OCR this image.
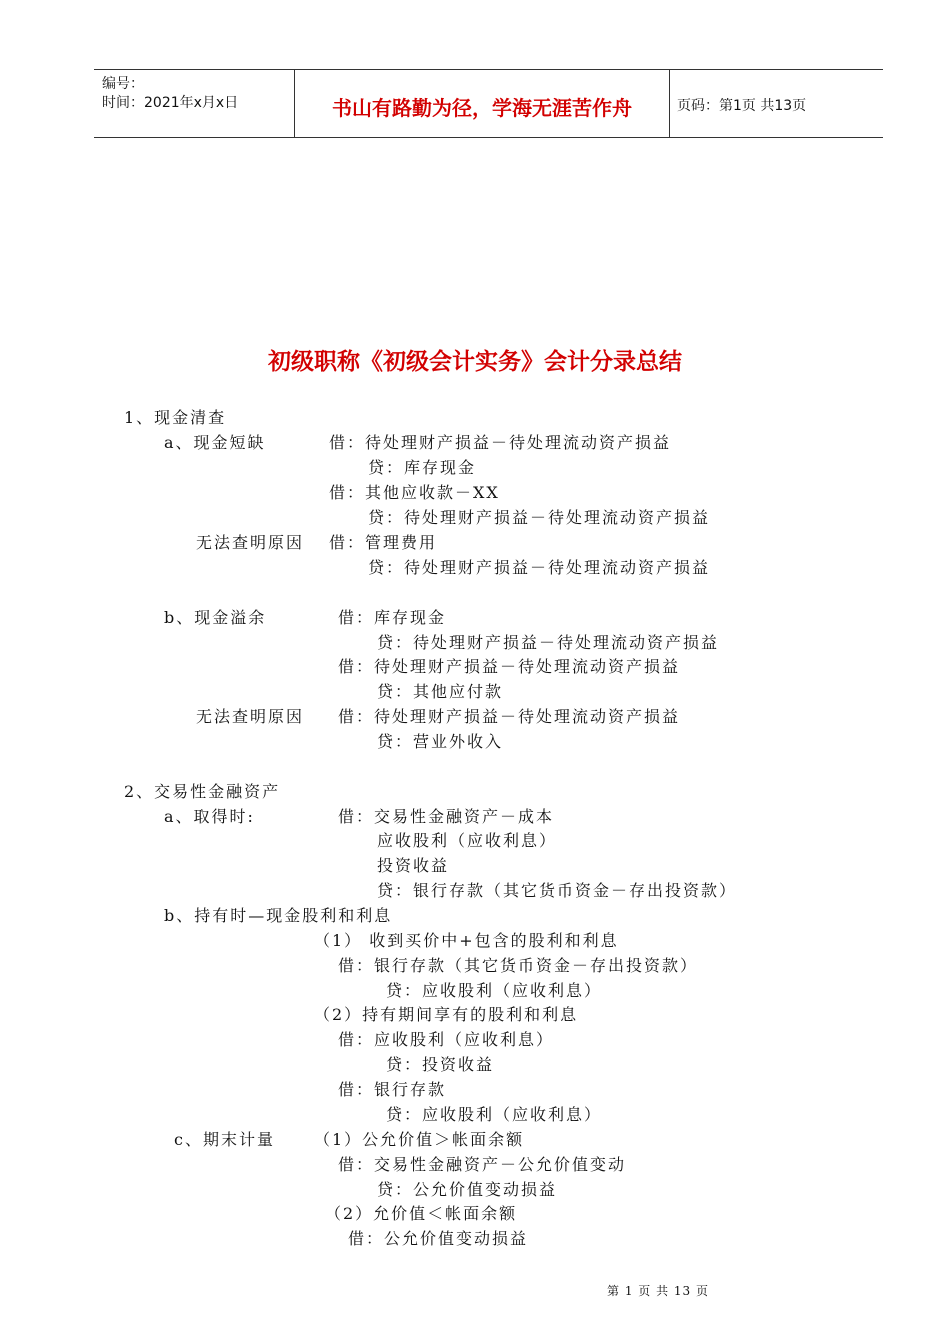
编号：
时间：2021年x月x日	书山有路勤为径，学海无涯苦作舟	页码：第1页 共13页
初级职称《初级会计实务》会计分录总结
1、现金清查
a、现金短缺	借：待处理财产损益－待处理流动资产损益
贷：库存现金
借：其他应收款－XX
贷：待处理财产损益－待处理流动资产损益
无法查明原因 借：管理费用
贷：待处理财产损益－待处理流动资产损益
b、现金溢余	借：库存现金
贷：待处理财产损益－待处理流动资产损益
借：待处理财产损益－待处理流动资产损益
贷：其他应付款
无法查明原因 借：待处理财产损益－待处理流动资产损益
贷：营业外收入
2、交易性金融资产
a、取得时:	借：交易性金融资产－成本
应收股利（应收利息）
投资收益
贷：银行存款（其它货币资金－存出投资款）
b、持有时—现金股利和利息
（1） 收到买价中+包含的股利和利息
借：银行存款（其它货币资金－存出投资款）
贷：应收股利（应收利息）
（2）持有期间享有的股利和利息
借：应收股利（应收利息）
贷：投资收益
借：银行存款
贷：应收股利（应收利息）
c、期末计量 （1）公允价值＞帐面余额
借：交易性金融资产－公允价值变动
贷：公允价值变动损益
（2）允价值＜帐面余额
借：公允价值变动损益
第 1 页 共 13 页
